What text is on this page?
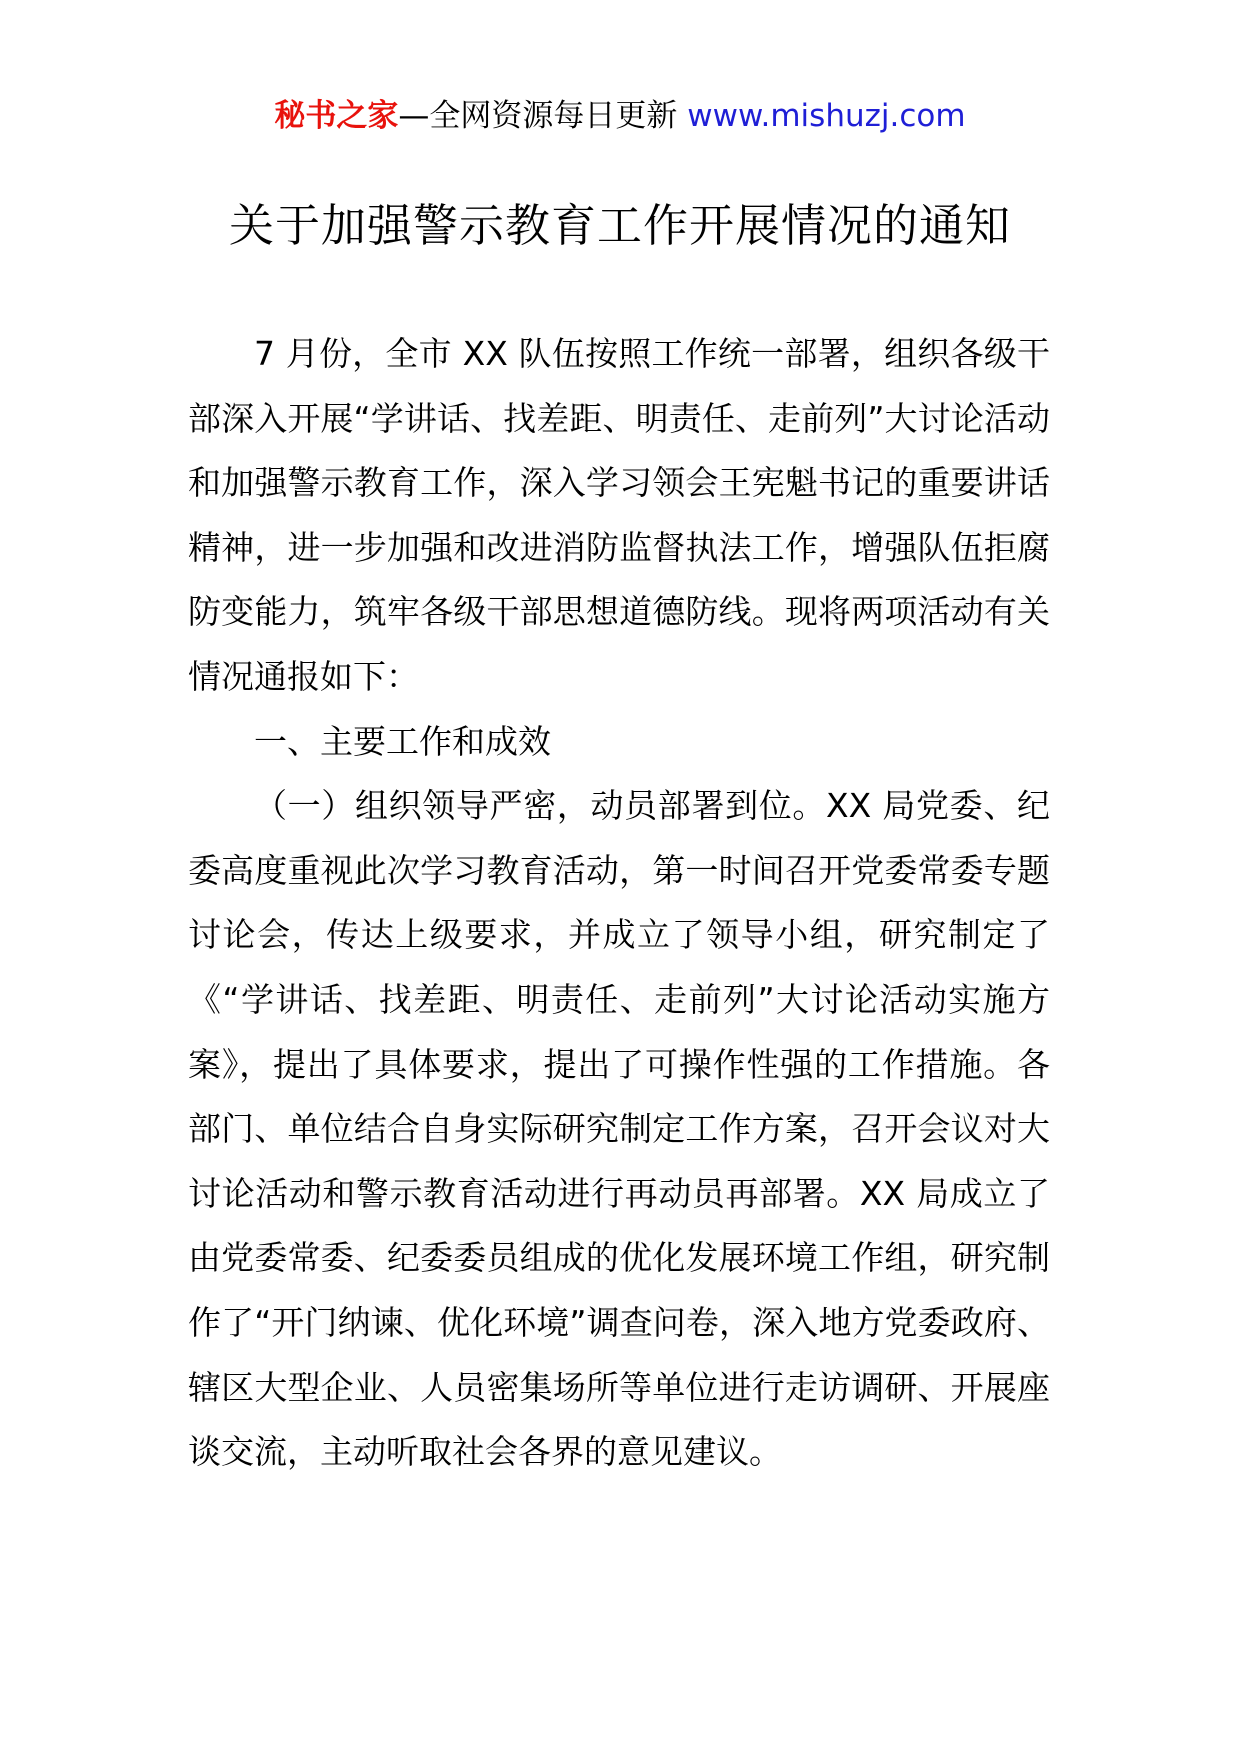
秘书之家—全网资源每日更新 www.mishuzj.com
关于加强警示教育工作开展情况的通知

7 月份，全市 XX 队伍按照工作统一部署，组织各级干部深入开展“学讲话、找差距、明责任、走前列”大讨论活动和加强警示教育工作，深入学习领会王宪魁书记的重要讲话精神，进一步加强和改进消防监督执法工作，增强队伍拒腐防变能力，筑牢各级干部思想道德防线。现将两项活动有关情况通报如下：

一、主要工作和成效

（一）组织领导严密，动员部署到位。XX 局党委、纪委高度重视此次学习教育活动，第一时间召开党委常委专题讨论会，传达上级要求，并成立了领导小组，研究制定了《“学讲话、找差距、明责任、走前列”大讨论活动实施方案》，提出了具体要求，提出了可操作性强的工作措施。各部门、单位结合自身实际研究制定工作方案，召开会议对大讨论活动和警示教育活动进行再动员再部署。XX 局成立了由党委常委、纪委委员组成的优化发展环境工作组，研究制作了“开门纳谏、优化环境”调查问卷，深入地方党委政府、辖区大型企业、人员密集场所等单位进行走访调研、开展座谈交流，主动听取社会各界的意见建议。
